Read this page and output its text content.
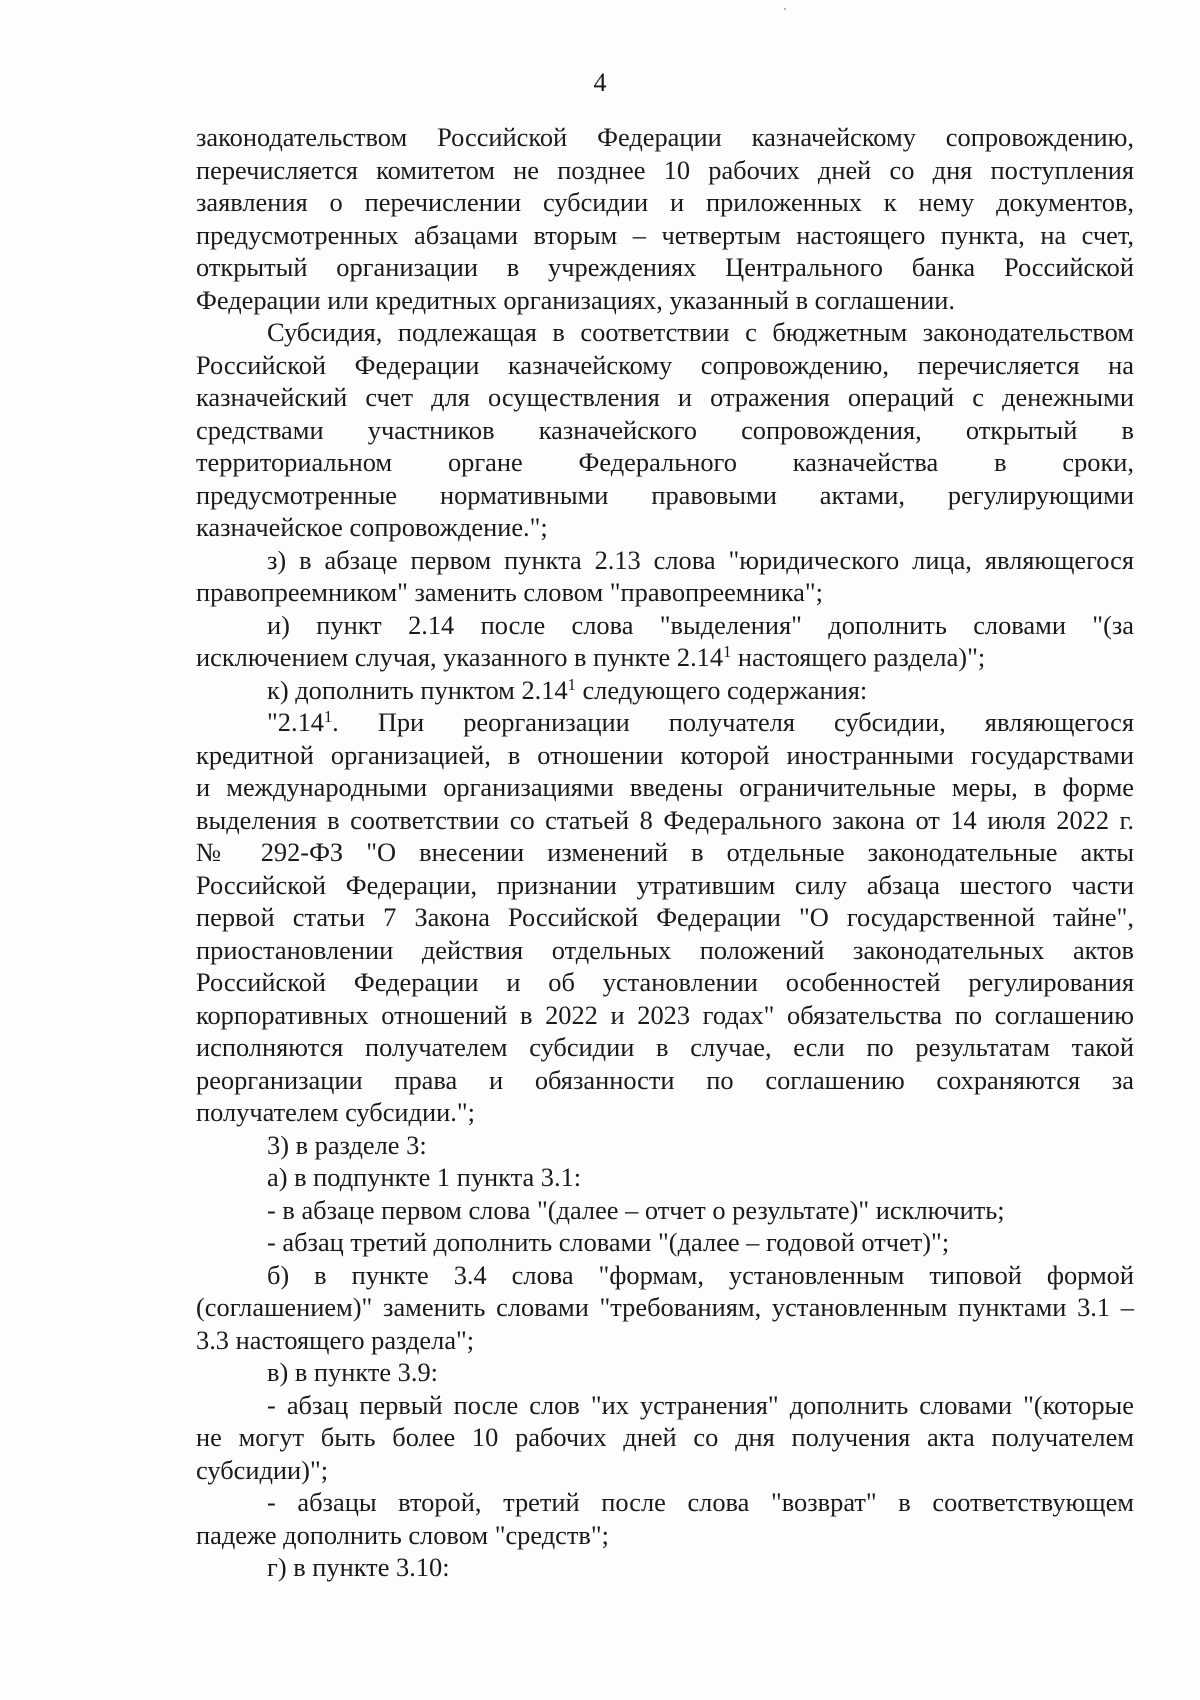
4
законодательством Российской Федерации казначейскому сопровождению,
перечисляется комитетом не позднее 10 рабочих дней со дня поступления
заявления о перечислении субсидии и приложенных к нему документов,
предусмотренных абзацами вторым – четвертым настоящего пункта, на счет,
открытый организации в учреждениях Центрального банка Российской
Федерации или кредитных организациях, указанный в соглашении.
Субсидия, подлежащая в соответствии с бюджетным законодательством
Российской Федерации казначейскому сопровождению, перечисляется на
казначейский счет для осуществления и отражения операций с денежными
средствами участников казначейского сопровождения, открытый в
территориальном органе Федерального казначейства в сроки,
предусмотренные нормативными правовыми актами, регулирующими
казначейское сопровождение.";
з) в абзаце первом пункта 2.13 слова "юридического лица, являющегося
правопреемником" заменить словом "правопреемника";
и) пункт 2.14 после слова "выделения" дополнить словами "(за
исключением случая, указанного в пункте 2.14$^1$ настоящего раздела)";
к) дополнить пунктом 2.14$^1$ следующего содержания:
"2.14$^1$. При реорганизации получателя субсидии, являющегося
кредитной организацией, в отношении которой иностранными государствами
и международными организациями введены ограничительные меры, в форме
выделения в соответствии со статьей 8 Федерального закона от 14 июля 2022 г.
№ 292-ФЗ "О внесении изменений в отдельные законодательные акты
Российской Федерации, признании утратившим силу абзаца шестого части
первой статьи 7 Закона Российской Федерации "О государственной тайне",
приостановлении действия отдельных положений законодательных актов
Российской Федерации и об установлении особенностей регулирования
корпоративных отношений в 2022 и 2023 годах" обязательства по соглашению
исполняются получателем субсидии в случае, если по результатам такой
реорганизации права и обязанности по соглашению сохраняются за
получателем субсидии.";
3) в разделе 3:
а) в подпункте 1 пункта 3.1:
- в абзаце первом слова "(далее – отчет о результате)" исключить;
- абзац третий дополнить словами "(далее – годовой отчет)";
б) в пункте 3.4 слова "формам, установленным типовой формой
(соглашением)" заменить словами "требованиям, установленным пунктами 3.1 –
3.3 настоящего раздела";
в) в пункте 3.9:
- абзац первый после слов "их устранения" дополнить словами "(которые
не могут быть более 10 рабочих дней со дня получения акта получателем
субсидии)";
- абзацы второй, третий после слова "возврат" в соответствующем
падеже дополнить словом "средств";
г) в пункте 3.10:
